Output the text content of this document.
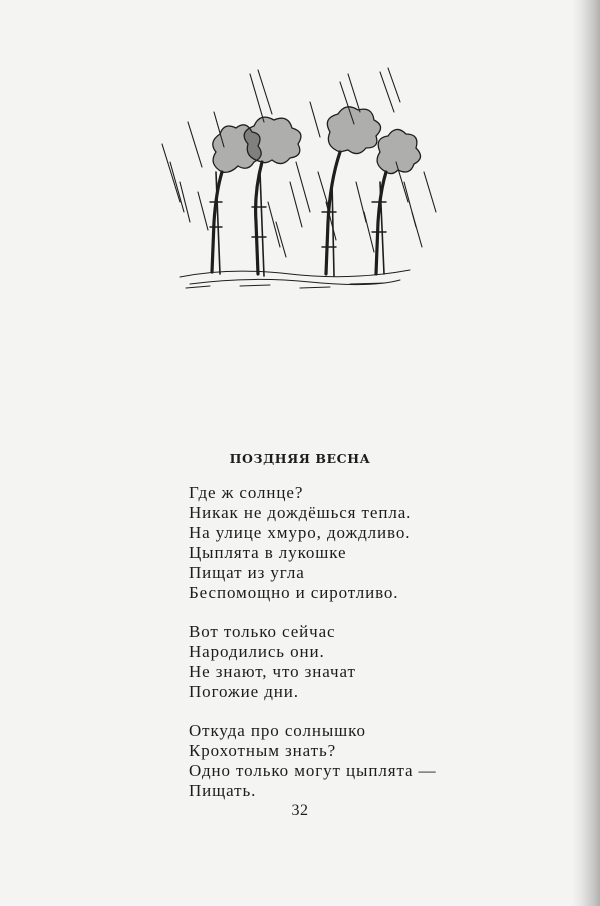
ПОЗДНЯЯ ВЕСНА
Где ж солнце?
Никак не дождёшься тепла.
На улице хмуро, дождливо.
Цыплята в лукошке
Пищат из угла
Беспомощно и сиротливо.
Вот только сейчас
Народились они.
Не знают, что значат
Погожие дни.
Откуда про солнышко
Крохотным знать?
Одно только могут цыплята —
Пищать.
32
